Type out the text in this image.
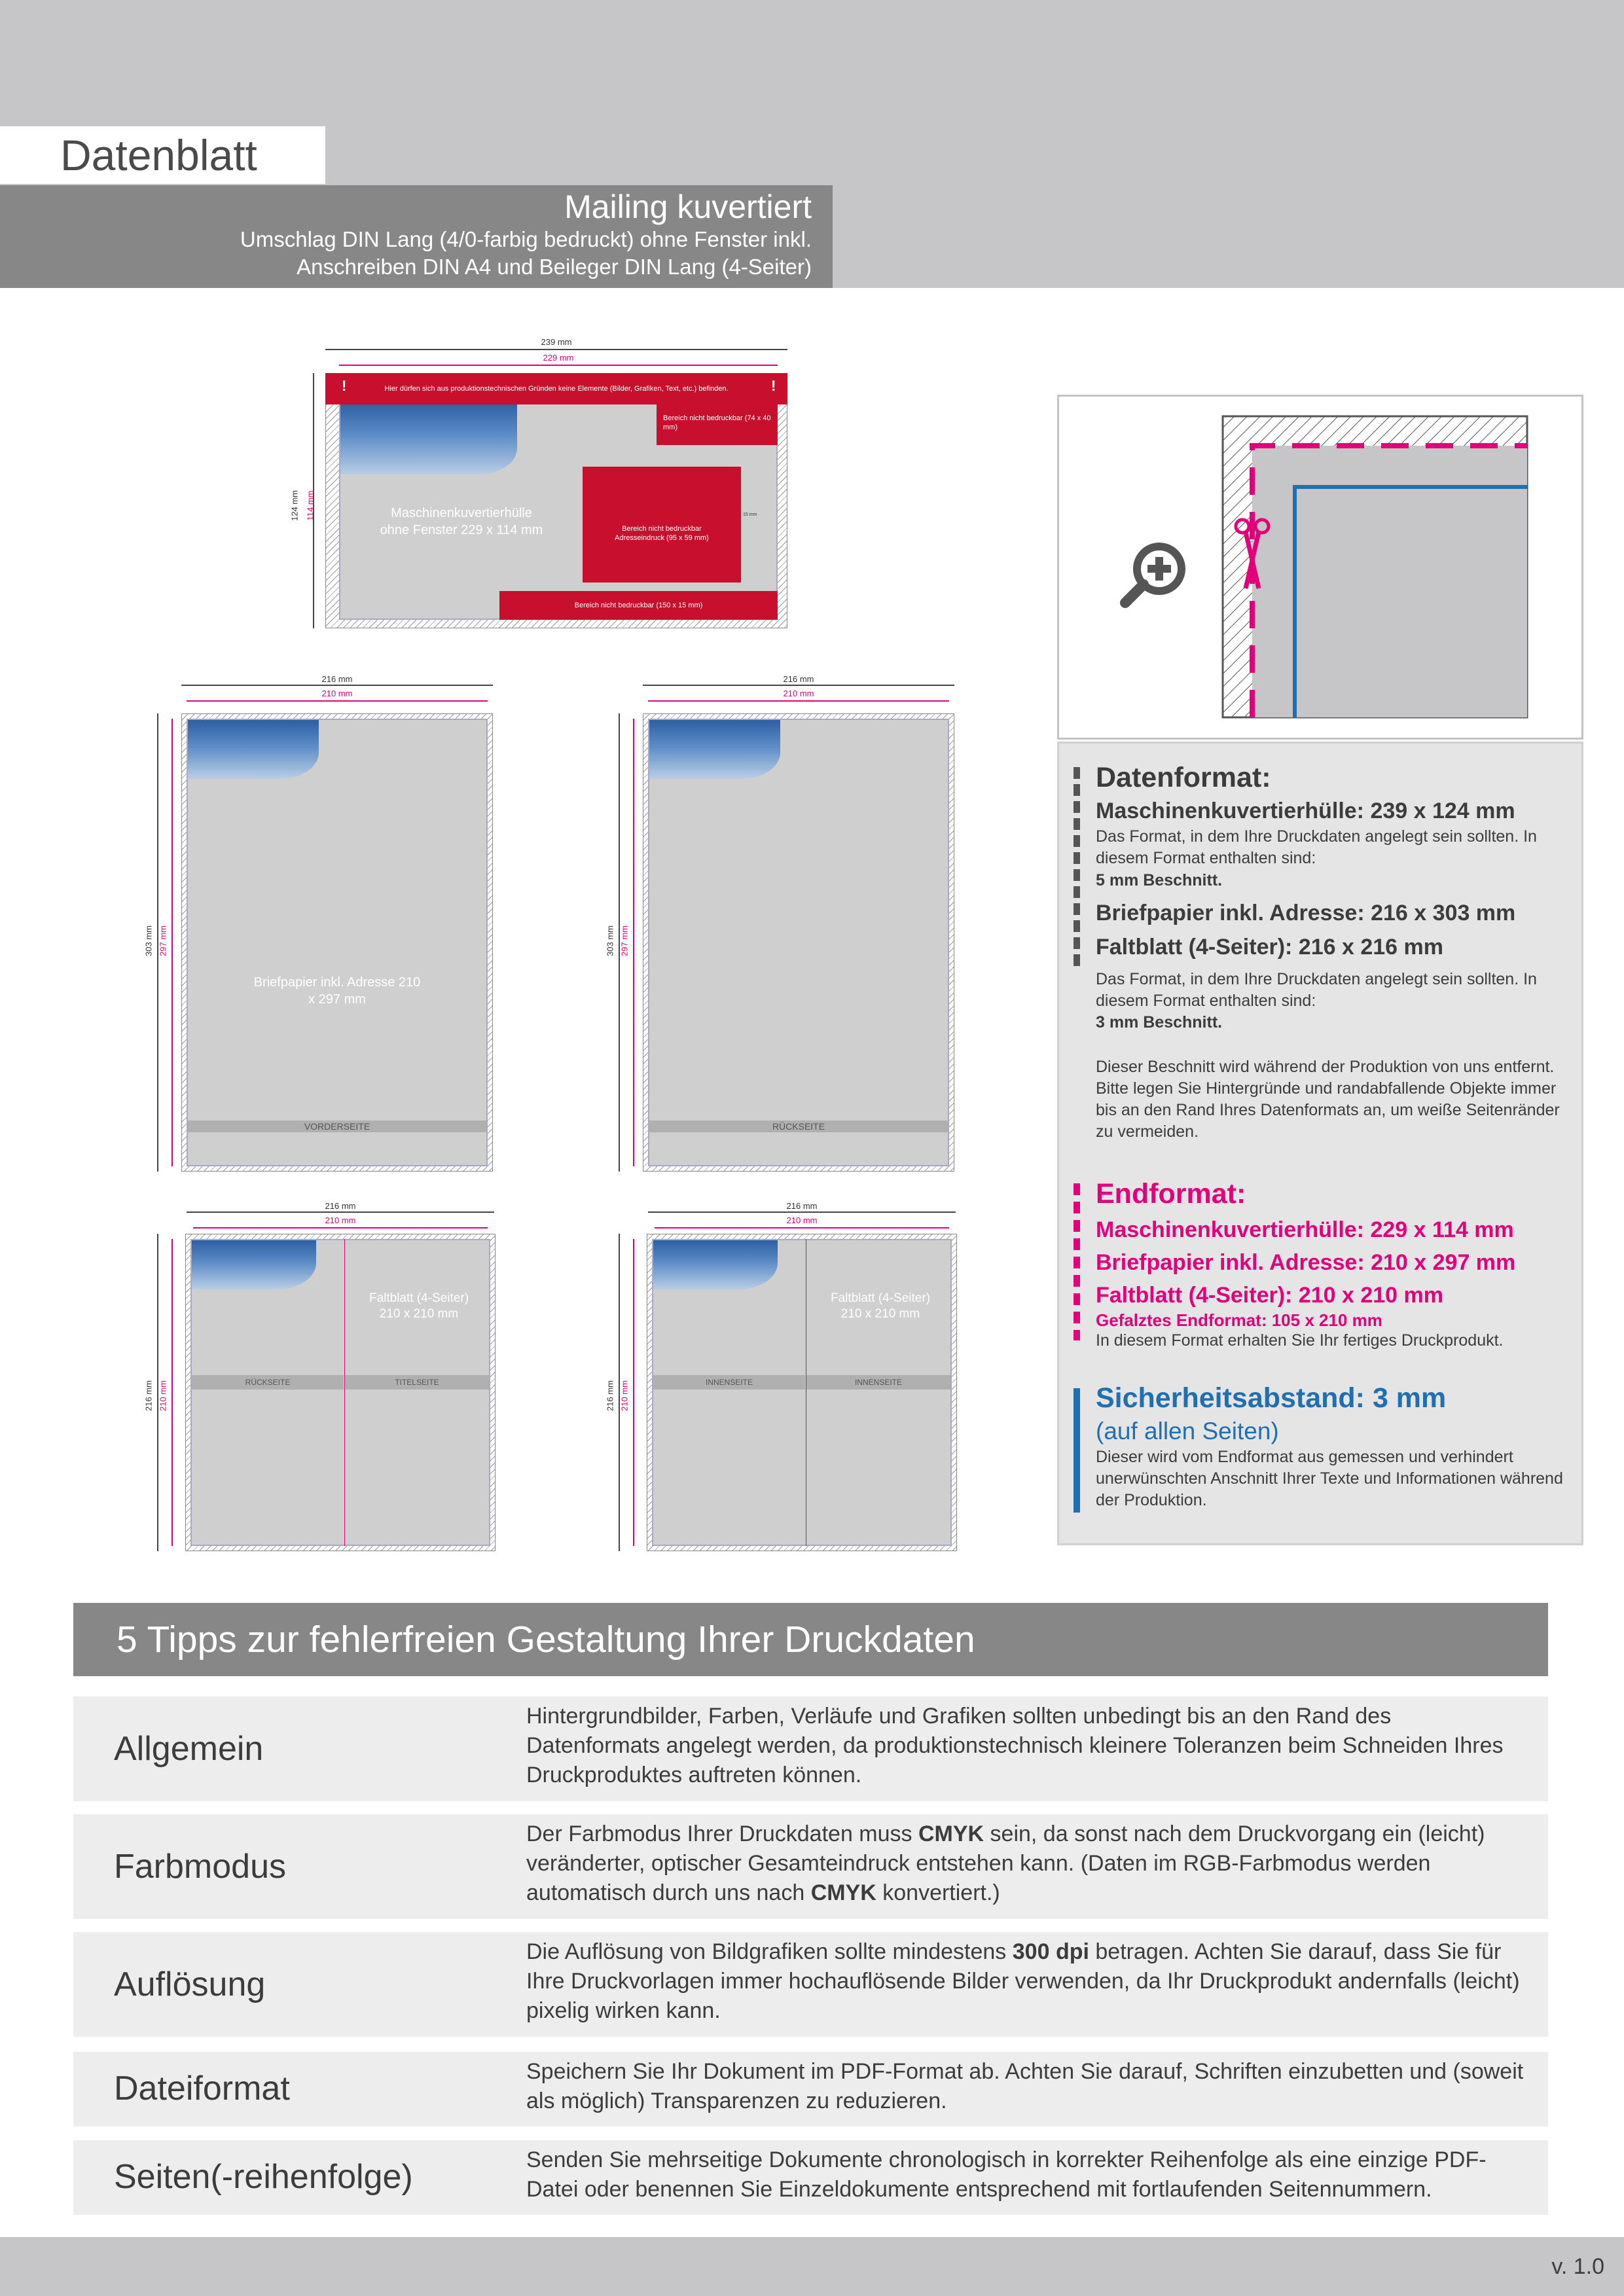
Datenblatt
Mailing kuvertiert
Umschlag DIN Lang (4/0-farbig bedruckt) ohne Fenster inkl.
Anschreiben DIN A4 und Beileger DIN Lang (4-Seiter)
239 mm
229 mm
124 mm 114 mm
Hier dürfen sich aus produktionstechnischen Gründen keine Elemente (Bilder, Grafiken, Text, etc.) befinden.
!	!
Bereich nicht bedruckbar (74 x 40 mm)
Bereich nicht bedruckbar Adresseindruck (95 x 59 mm)
15 mm
Bereich nicht bedruckbar (150 x 15 mm)
Maschinenkuvertierhülle ohne Fenster 229 x 114 mm
216 mm
210 mm
303 mm 297 mm
Briefpapier inkl. Adresse 210 x 297 mm
VORDERSEITE
216 mm
210 mm
303 mm 297 mm
RÜCKSEITE
216 mm
210 mm
216 mm 210 mm
Faltblatt (4-Seiter) 210 x 210 mm
RÜCKSEITE	TITELSEITE
216 mm
210 mm
216 mm 210 mm
Faltblatt (4-Seiter) 210 x 210 mm
INNENSEITE	INNENSEITE
Datenformat:
Maschinenkuvertierhülle: 239 x 124 mm
Das Format, in dem Ihre Druckdaten angelegt sein sollten. In diesem Format enthalten sind:
5 mm Beschnitt.
Briefpapier inkl. Adresse: 216 x 303 mm
Faltblatt (4-Seiter): 216 x 216 mm
Das Format, in dem Ihre Druckdaten angelegt sein sollten. In diesem Format enthalten sind:
3 mm Beschnitt.
Dieser Beschnitt wird während der Produktion von uns entfernt. Bitte legen Sie Hintergründe und randabfallende Objekte immer bis an den Rand Ihres Datenformats an, um weiße Seitenränder zu vermeiden.
Endformat:
Maschinenkuvertierhülle: 229 x 114 mm
Briefpapier inkl. Adresse: 210 x 297 mm
Faltblatt (4-Seiter): 210 x 210 mm
Gefalztes Endformat: 105 x 210 mm
In diesem Format erhalten Sie Ihr fertiges Druckprodukt.
Sicherheitsabstand: 3 mm
(auf allen Seiten)
Dieser wird vom Endformat aus gemessen und verhindert unerwünschten Anschnitt Ihrer Texte und Informationen während der Produktion.
5 Tipps zur fehlerfreien Gestaltung Ihrer Druckdaten
Allgemein
Hintergrundbilder, Farben, Verläufe und Grafiken sollten unbedingt bis an den Rand des Datenformats angelegt werden, da produktionstechnisch kleinere Toleranzen beim Schneiden Ihres Druckproduktes auftreten können.
Farbmodus
Der Farbmodus Ihrer Druckdaten muss CMYK sein, da sonst nach dem Druckvorgang ein (leicht) veränderter, optischer Gesamteindruck entstehen kann. (Daten im RGB-Farbmodus werden automatisch durch uns nach CMYK konvertiert.)
Auflösung
Die Auflösung von Bildgrafiken sollte mindestens 300 dpi betragen. Achten Sie darauf, dass Sie für Ihre Druckvorlagen immer hochauflösende Bilder verwenden, da Ihr Druckprodukt andernfalls (leicht) pixelig wirken kann.
Dateiformat	Speichern Sie Ihr Dokument im PDF-Format ab. Achten Sie darauf, Schriften einzubetten und (soweit als möglich) Transparenzen zu reduzieren.
Seiten(-reihenfolge)	Senden Sie mehrseitige Dokumente chronologisch in korrekter Reihenfolge als eine einzige PDF-Datei oder benennen Sie Einzeldokumente entsprechend mit fortlaufenden Seitennummern.
v. 1.0
